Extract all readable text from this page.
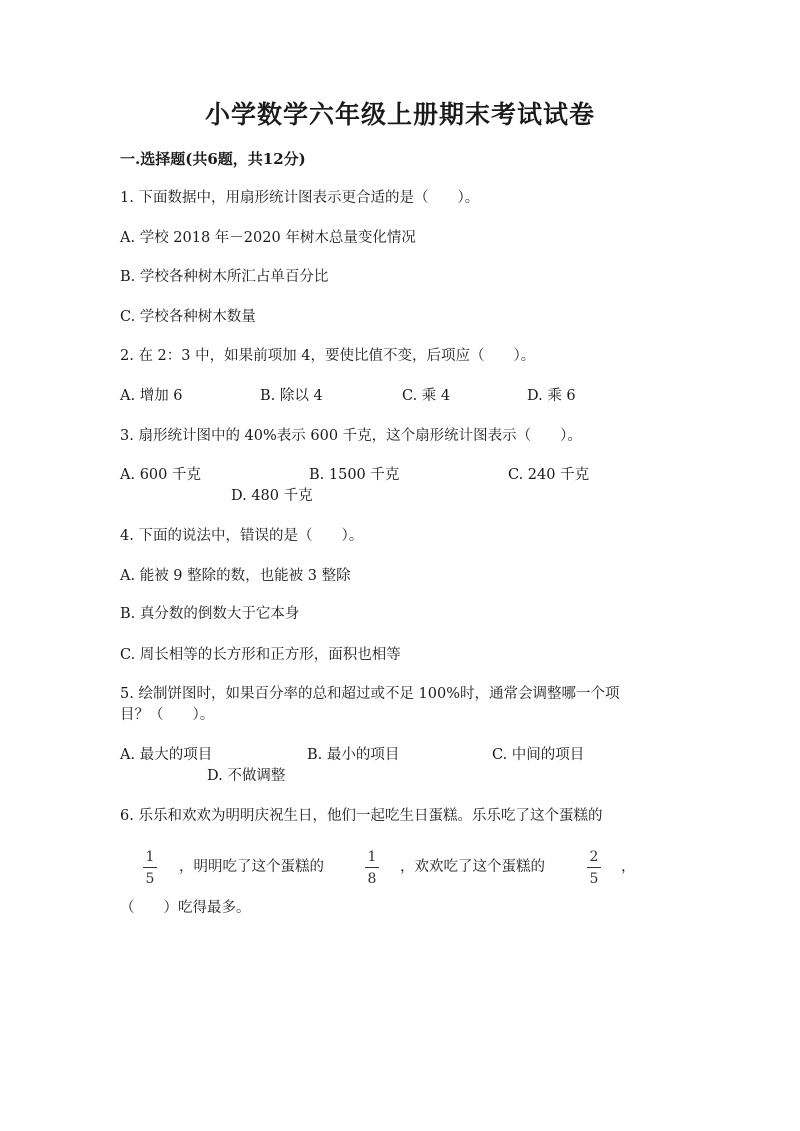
小学数学六年级上册期末考试试卷
一.选择题(共6题，共12分)
1. 下面数据中，用扇形统计图表示更合适的是（　　）。
A. 学校 2018 年－2020 年树木总量变化情况
B. 学校各种树木所汇占单百分比
C. 学校各种树木数量
2. 在 2：3 中，如果前项加 4，要使比值不变，后项应（　　）。
A. 增加 6	B. 除以 4	C. 乘 4	D. 乘 6
3. 扇形统计图中的 40%表示 600 千克，这个扇形统计图表示（　　）。
A. 600 千克	B. 1500 千克	C. 240 千克
D. 480 千克
4. 下面的说法中，错误的是（　　）。
A. 能被 9 整除的数，也能被 3 整除
B. 真分数的倒数大于它本身
C. 周长相等的长方形和正方形，面积也相等
5. 绘制饼图时，如果百分率的总和超过或不足 100%时，通常会调整哪一个项
目？（　　）。
A. 最大的项目	B. 最小的项目	C. 中间的项目
D. 不做调整
6. 乐乐和欢欢为明明庆祝生日，他们一起吃生日蛋糕。乐乐吃了这个蛋糕的
1
5
，明明吃了这个蛋糕的
1
8
，欢欢吃了这个蛋糕的
2
5
，
（　　）吃得最多。
